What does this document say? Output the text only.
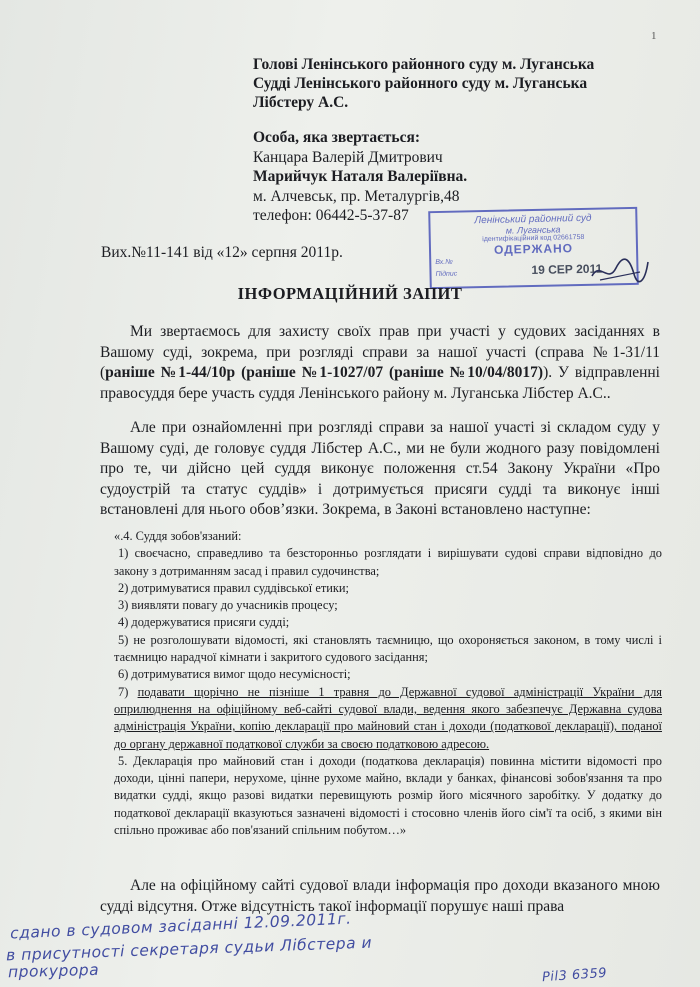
1
Голові Ленінського районного суду м. Луганська
Судді Ленінського районного суду м. Луганська
Лібстеру А.С.
Особа, яка звертається:
Канцара Валерій Дмитрович
Марийчук Наталя Валеріївна.
м. Алчевськ, пр. Металургів,48
телефон: 06442-5-37-87
Вих.№11-141 від «12» серпня 2011р.
Ленінський районний суд
м. Луганська
ідентифікаційний код 02661758
ОДЕРЖАНО
Вх.№
Підпис	19 СЕР 2011
ІНФОРМАЦІЙНИЙ ЗАПИТ
Ми звертаємось для захисту своїх прав при участі у судових засіданнях в Вашому суді, зокрема, при розгляді справи за нашої участі (справа №1-31/11 (раніше №1-44/10р (раніше №1-1027/07 (раніше №10/04/8017)). У відправленні правосуддя бере участь суддя Ленінського району м. Луганська Лібстер А.С..
Але при ознайомленні при розгляді справи за нашої участі зі складом суду у Вашому суді, де головує суддя Лібстер А.С., ми не були жодного разу повідомлені про те, чи дійсно цей суддя виконує положення ст.54 Закону України «Про судоустрій та статус суддів» і дотримується присяги судді та виконує інші встановлені для нього обов’язки. Зокрема, в Законі встановлено наступне:

«.4. Суддя зобов'язаний:

1) своєчасно, справедливо та безсторонньо розглядати і вирішувати судові справи відповідно до закону з дотриманням засад і правил судочинства;

2) дотримуватися правил суддівської етики;

3) виявляти повагу до учасників процесу;

4) додержуватися присяги судді;

5) не розголошувати відомості, які становлять таємницю, що охороняється законом, в тому числі і таємницю нарадчої кімнати і закритого судового засідання;

6) дотримуватися вимог щодо несумісності;

7) подавати щорічно не пізніше 1 травня до Державної судової адміністрації України для оприлюднення на офіційному веб-сайті судової влади, ведення якого забезпечує Державна судова адміністрація України, копію декларації про майновий стан і доходи (податкової декларації), поданої до органу державної податкової служби за своєю податковою адресою.

5. Декларація про майновий стан і доходи (податкова декларація) повинна містити відомості про доходи, цінні папери, нерухоме, цінне рухоме майно, вклади у банках, фінансові зобов'язання та про видатки судді, якщо разові видатки перевищують розмір його місячного заробітку. У додатку до податкової декларації вказуються зазначені відомості і стосовно членів його сім'ї та осіб, з якими він спільно проживає або пов'язаний спільним побутом…»

Але на офіційному сайті судової влади інформація про доходи вказаного мною судді відсутня. Отже відсутність такої інформації порушує наші права
сдано в судовом засiданнi 12.09.2011г.
в присутностi секретаря судьи Лiбстера и
прокурора	Pil3 6359
